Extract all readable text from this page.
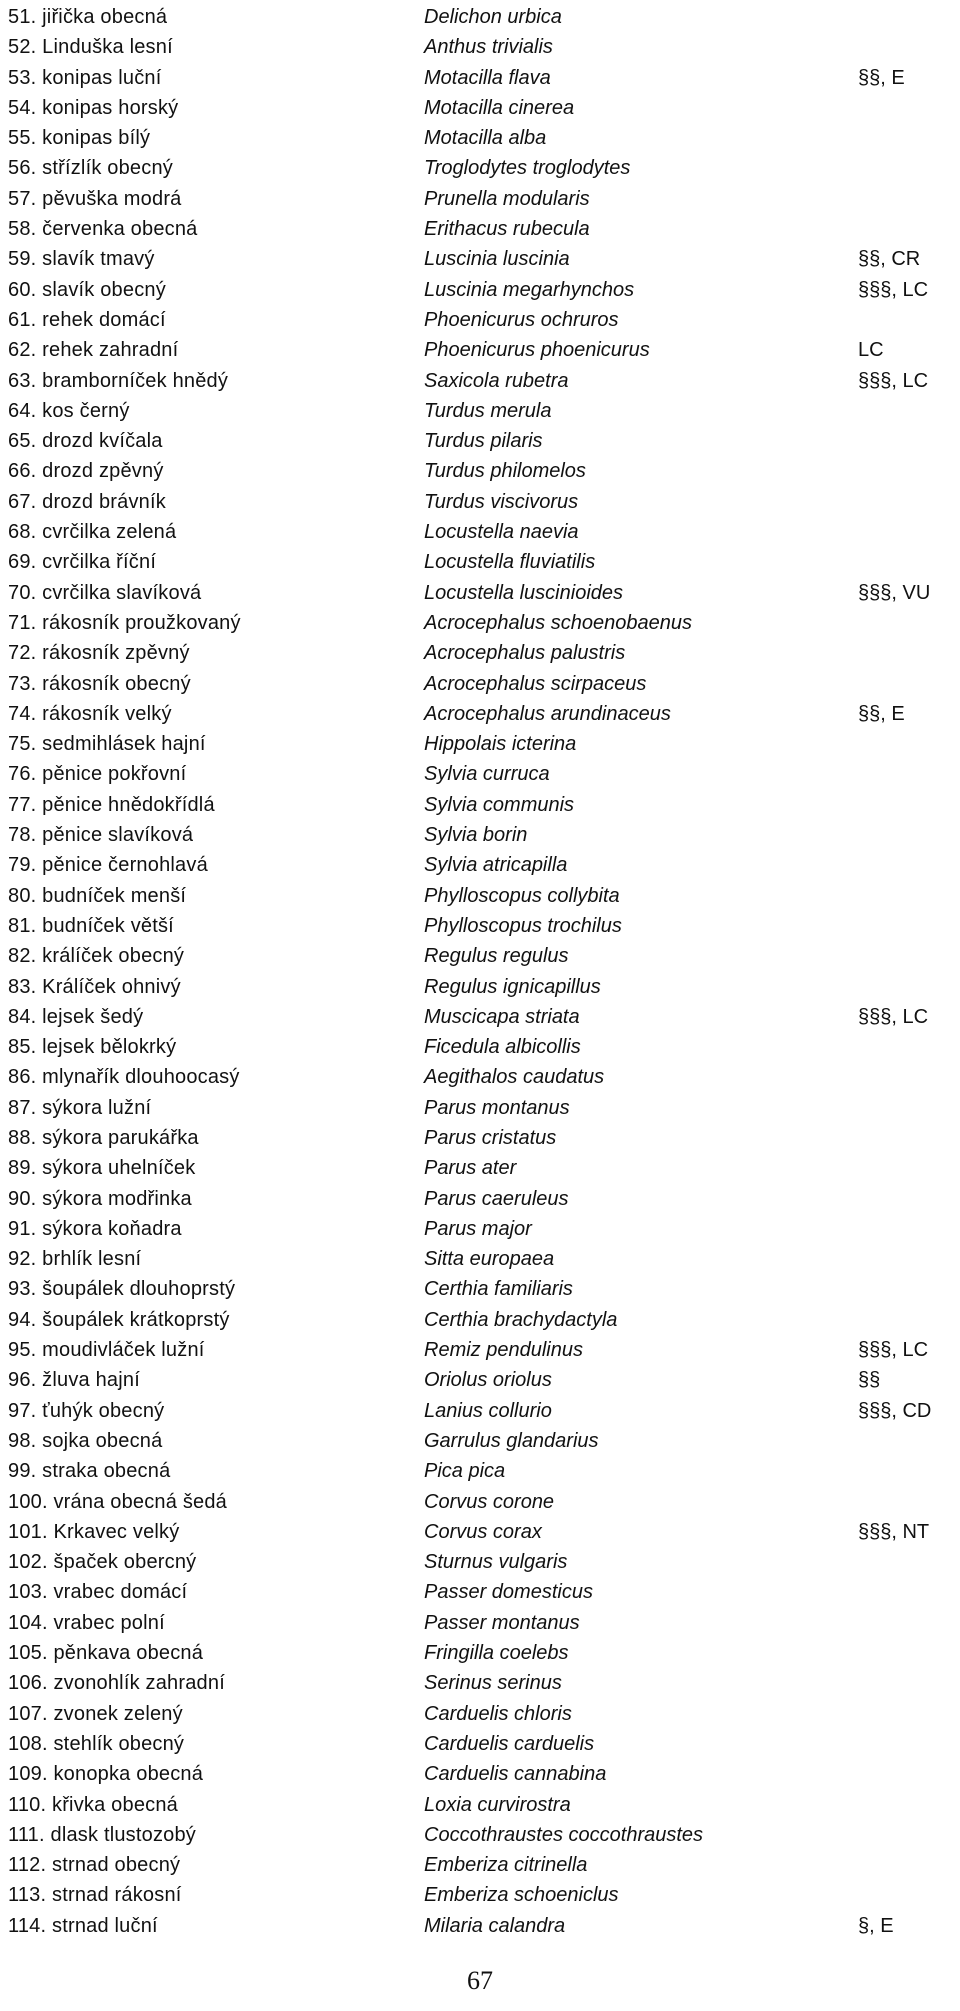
51. jiřička obecná	Delichon urbica
52. Linduška lesní	Anthus trivialis
53. konipas luční	Motacilla flava	§§, E
54. konipas horský	Motacilla cinerea
55. konipas bílý	Motacilla alba
56. střízlík obecný	Troglodytes troglodytes
57. pěvuška modrá	Prunella modularis
58. červenka obecná	Erithacus rubecula
59. slavík tmavý	Luscinia luscinia	§§, CR
60. slavík obecný	Luscinia megarhynchos	§§§, LC
61. rehek domácí	Phoenicurus ochruros
62. rehek zahradní	Phoenicurus phoenicurus	LC
63. bramborníček hnědý	Saxicola rubetra	§§§, LC
64. kos černý	Turdus merula
65. drozd kvíčala	Turdus pilaris
66. drozd zpěvný	Turdus philomelos
67. drozd brávník	Turdus viscivorus
68. cvrčilka zelená	Locustella naevia
69. cvrčilka říční	Locustella fluviatilis
70. cvrčilka slavíková	Locustella luscinioides	§§§, VU
71. rákosník proužkovaný	Acrocephalus schoenobaenus
72. rákosník zpěvný	Acrocephalus palustris
73. rákosník obecný	Acrocephalus scirpaceus
74. rákosník velký	Acrocephalus arundinaceus	§§, E
75. sedmihlásek hajní	Hippolais icterina
76. pěnice pokřovní	Sylvia curruca
77. pěnice hnědokřídlá	Sylvia communis
78. pěnice slavíková	Sylvia borin
79. pěnice černohlavá	Sylvia atricapilla
80. budníček menší	Phylloscopus collybita
81. budníček větší	Phylloscopus trochilus
82. králíček obecný	Regulus regulus
83. Králíček ohnivý	Regulus ignicapillus
84. lejsek šedý	Muscicapa striata	§§§, LC
85. lejsek bělokrký	Ficedula albicollis
86. mlynařík dlouhoocasý	Aegithalos caudatus
87. sýkora lužní	Parus montanus
88. sýkora parukářka	Parus cristatus
89. sýkora uhelníček	Parus ater
90. sýkora modřinka	Parus caeruleus
91. sýkora koňadra	Parus major
92. brhlík lesní	Sitta europaea
93. šoupálek dlouhoprstý	Certhia familiaris
94. šoupálek krátkoprstý	Certhia brachydactyla
95. moudivláček lužní	Remiz pendulinus	§§§, LC
96. žluva hajní	Oriolus oriolus	§§
97. ťuhýk obecný	Lanius collurio	§§§, CD
98. sojka obecná	Garrulus glandarius
99. straka obecná	Pica pica
100. vrána obecná šedá	Corvus corone
101. Krkavec velký	Corvus corax	§§§, NT
102. špaček obercný	Sturnus vulgaris
103. vrabec domácí	Passer domesticus
104. vrabec polní	Passer montanus
105. pěnkava obecná	Fringilla coelebs
106. zvonohlík zahradní	Serinus serinus
107. zvonek zelený	Carduelis chloris
108. stehlík obecný	Carduelis carduelis
109. konopka obecná	Carduelis cannabina
110. křivka obecná	Loxia curvirostra
111. dlask tlustozobý	Coccothraustes coccothraustes
112. strnad obecný	Emberiza citrinella
113. strnad rákosní	Emberiza schoeniclus
114. strnad luční	Milaria calandra	§, E
67
